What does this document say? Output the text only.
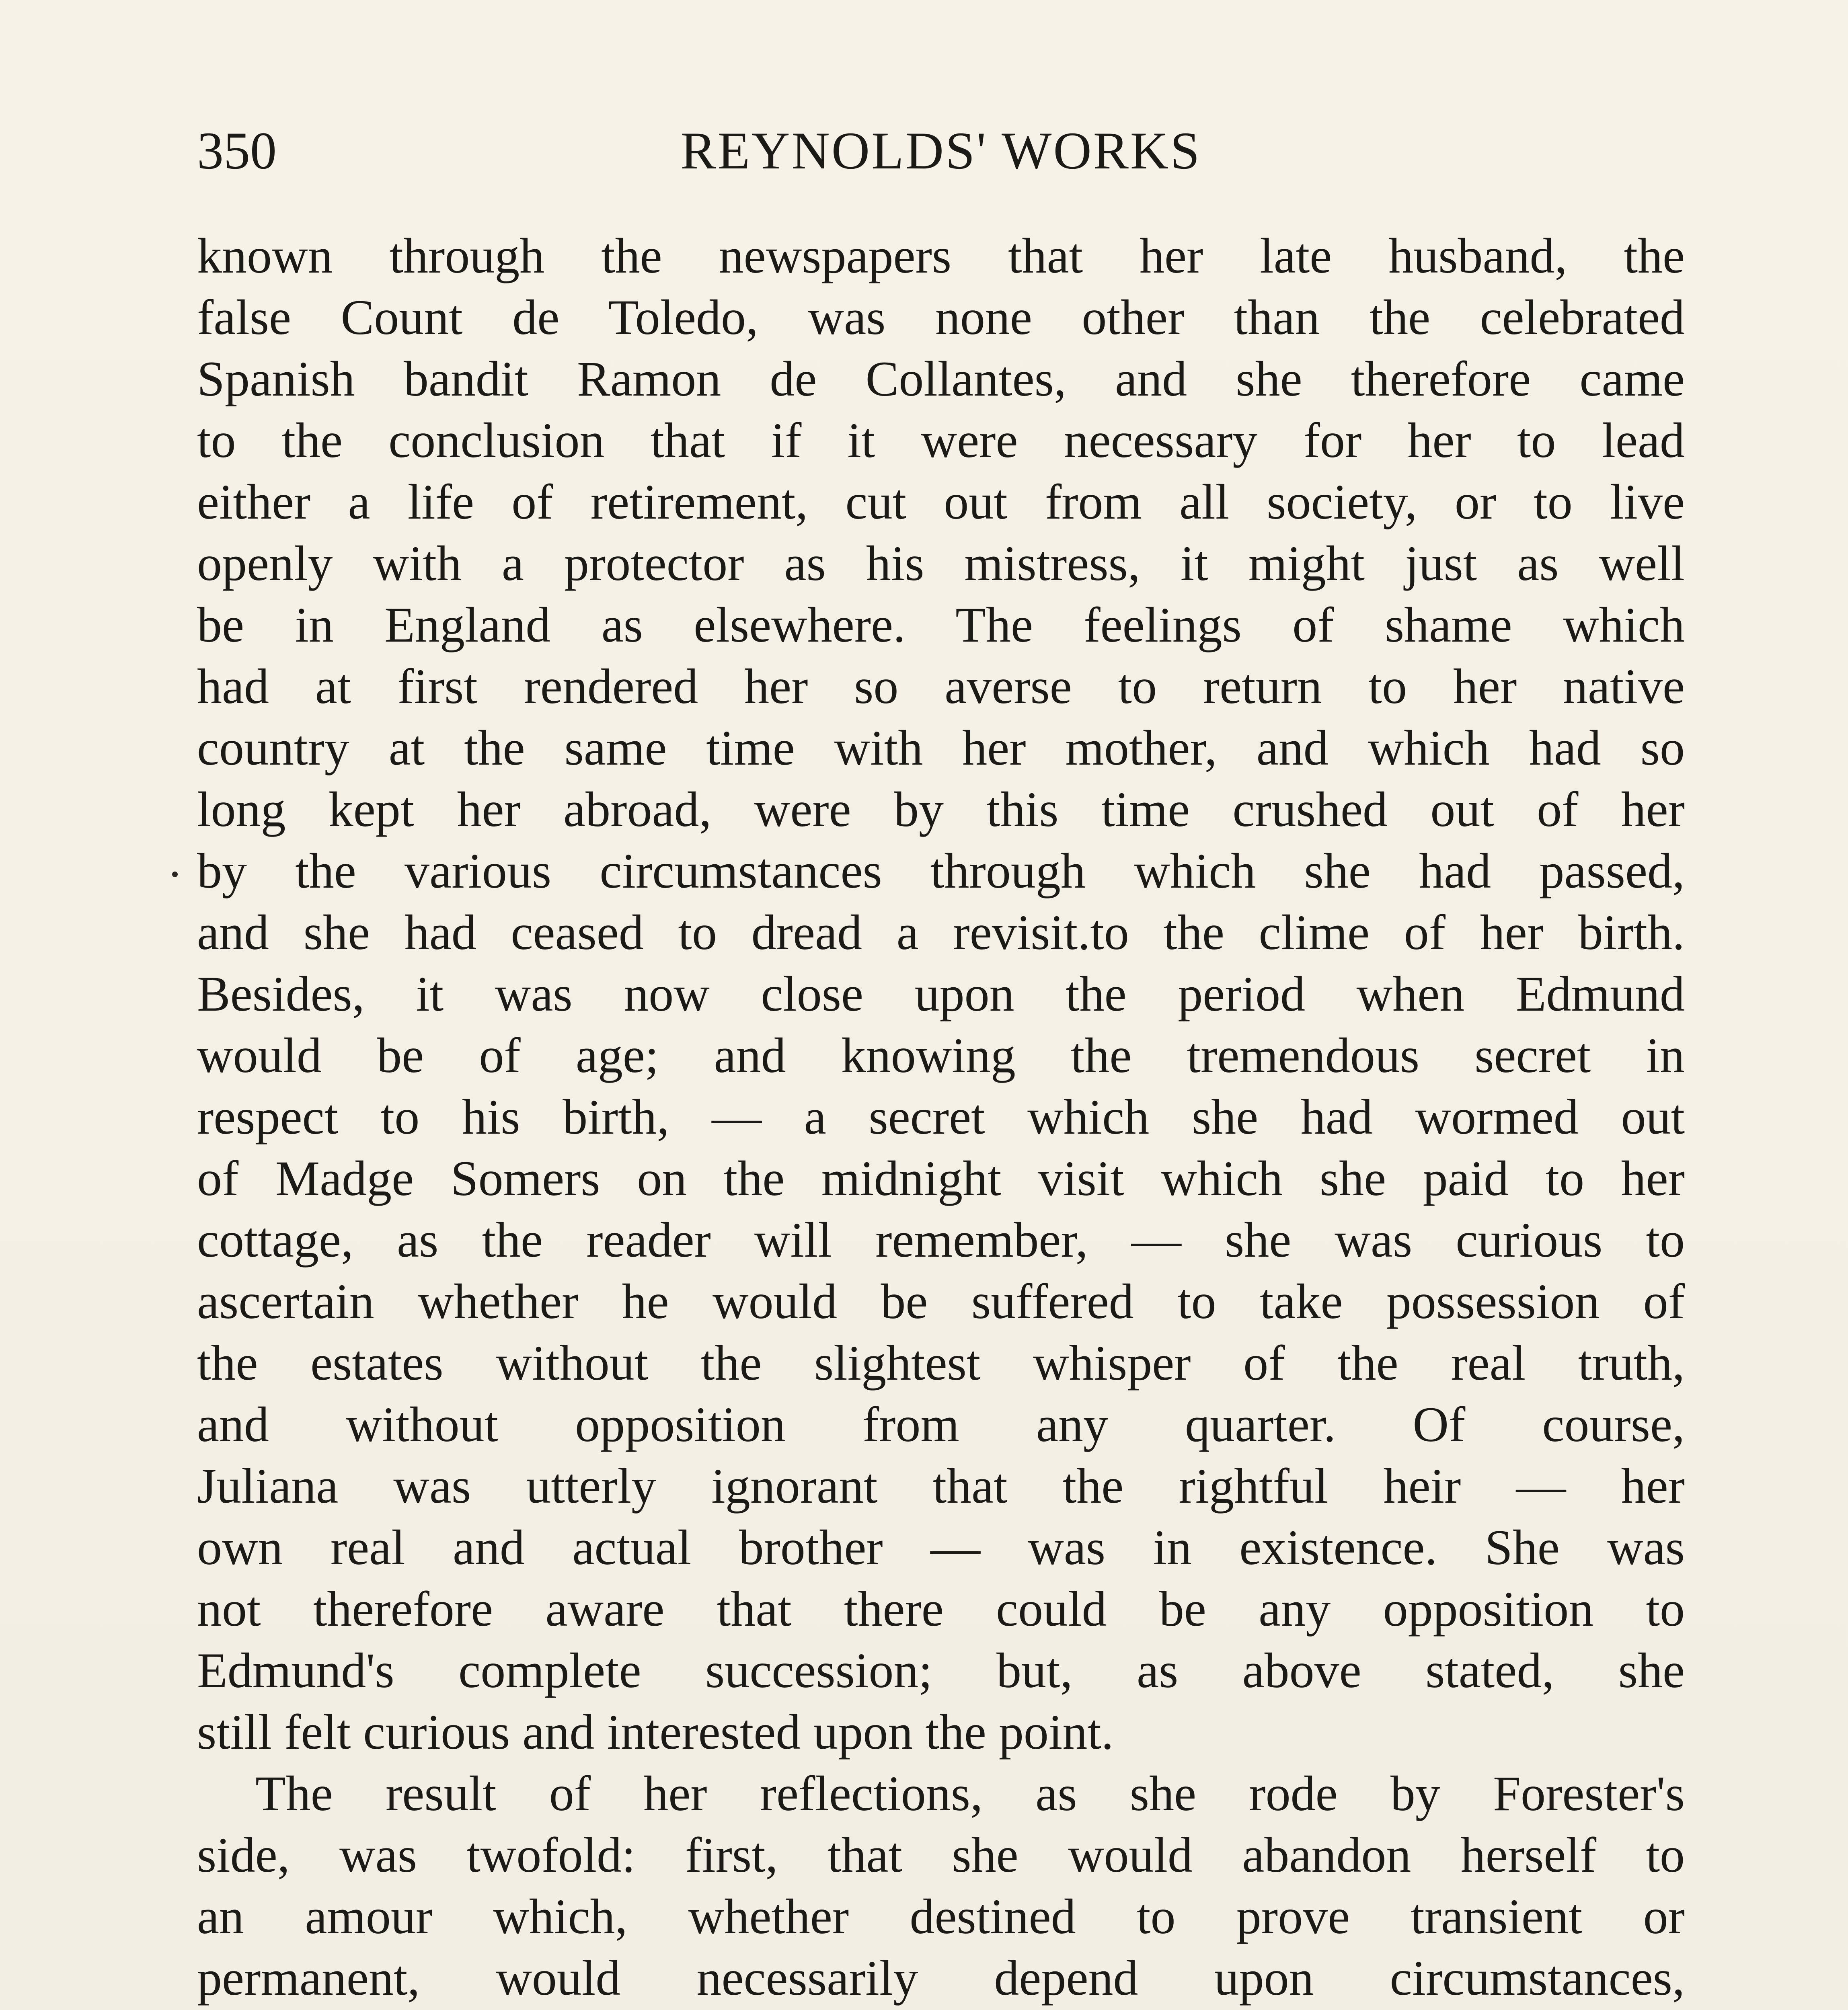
350	REYNOLDS' WORKS
known through the newspapers that her late husband, the
false Count de Toledo, was none other than the celebrated
Spanish bandit Ramon de Collantes, and she therefore came
to the conclusion that if it were necessary for her to lead
either a life of retirement, cut out from all society, or to live
openly with a protector as his mistress, it might just as well
be in England as elsewhere. The feelings of shame which
had at first rendered her so averse to return to her native
country at the same time with her mother, and which had so
long kept her abroad, were by this time crushed out of her
by the various circumstances through which she had passed,
and she had ceased to dread a revisit.to the clime of her birth.
Besides, it was now close upon the period when Edmund
would be of age; and knowing the tremendous secret in
respect to his birth, — a secret which she had wormed out
of Madge Somers on the midnight visit which she paid to her
cottage, as the reader will remember, — she was curious to
ascertain whether he would be suffered to take possession of
the estates without the slightest whisper of the real truth,
and without opposition from any quarter. Of course,
Juliana was utterly ignorant that the rightful heir — her
own real and actual brother — was in existence. She was
not therefore aware that there could be any opposition to
Edmund's complete succession; but, as above stated, she
still felt curious and interested upon the point.
The result of her reflections, as she rode by Forester's
side, was twofold: first, that she would abandon herself to
an amour which, whether destined to prove transient or
permanent, would necessarily depend upon circumstances,
